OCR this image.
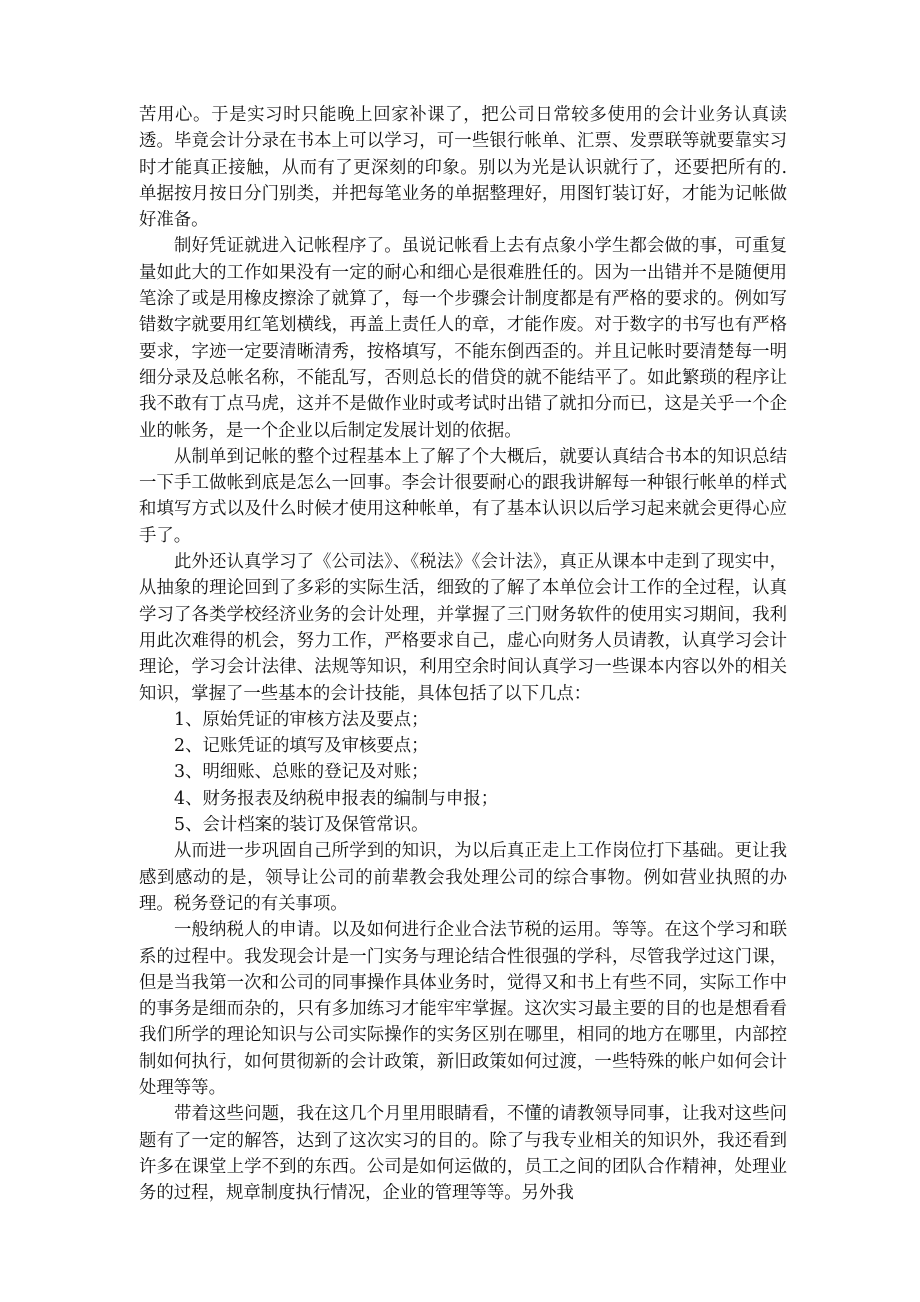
苦用心。于是实习时只能晚上回家补课了，把公司日常较多使用的会计业务认真读透。毕竟会计分录在书本上可以学习，可一些银行帐单、汇票、发票联等就要靠实习时才能真正接触，从而有了更深刻的印象。别以为光是认识就行了，还要把所有的.单据按月按日分门别类，并把每笔业务的单据整理好，用图钉装订好，才能为记帐做好准备。

制好凭证就进入记帐程序了。虽说记帐看上去有点象小学生都会做的事，可重复量如此大的工作如果没有一定的耐心和细心是很难胜任的。因为一出错并不是随便用笔涂了或是用橡皮擦涂了就算了，每一个步骤会计制度都是有严格的要求的。例如写错数字就要用红笔划横线，再盖上责任人的章，才能作废。对于数字的书写也有严格要求，字迹一定要清晰清秀，按格填写，不能东倒西歪的。并且记帐时要清楚每一明细分录及总帐名称，不能乱写，否则总长的借贷的就不能结平了。如此繁琐的程序让我不敢有丁点马虎，这并不是做作业时或考试时出错了就扣分而已，这是关乎一个企业的帐务，是一个企业以后制定发展计划的依据。

从制单到记帐的整个过程基本上了解了个大概后，就要认真结合书本的知识总结一下手工做帐到底是怎么一回事。李会计很要耐心的跟我讲解每一种银行帐单的样式和填写方式以及什么时候才使用这种帐单，有了基本认识以后学习起来就会更得心应手了。

此外还认真学习了《公司法》、《税法》《会计法》，真正从课本中走到了现实中，从抽象的理论回到了多彩的实际生活，细致的了解了本单位会计工作的全过程，认真学习了各类学校经济业务的会计处理，并掌握了三门财务软件的使用实习期间，我利用此次难得的机会，努力工作，严格要求自己，虚心向财务人员请教，认真学习会计理论，学习会计法律、法规等知识，利用空余时间认真学习一些课本内容以外的相关知识，掌握了一些基本的会计技能，具体包括了以下几点：

1、原始凭证的审核方法及要点；

2、记账凭证的填写及审核要点；

3、明细账、总账的登记及对账；

4、财务报表及纳税申报表的编制与申报；

5、会计档案的装订及保管常识。

从而进一步巩固自己所学到的知识，为以后真正走上工作岗位打下基础。更让我感到感动的是，领导让公司的前辈教会我处理公司的综合事物。例如营业执照的办理。税务登记的有关事项。

一般纳税人的申请。以及如何进行企业合法节税的运用。等等。在这个学习和联系的过程中。我发现会计是一门实务与理论结合性很强的学科，尽管我学过这门课，但是当我第一次和公司的同事操作具体业务时，觉得又和书上有些不同，实际工作中的事务是细而杂的，只有多加练习才能牢牢掌握。这次实习最主要的目的也是想看看我们所学的理论知识与公司实际操作的实务区别在哪里，相同的地方在哪里，内部控制如何执行，如何贯彻新的会计政策，新旧政策如何过渡，一些特殊的帐户如何会计处理等等。

带着这些问题，我在这几个月里用眼睛看，不懂的请教领导同事，让我对这些问题有了一定的解答，达到了这次实习的目的。除了与我专业相关的知识外，我还看到许多在课堂上学不到的东西。公司是如何运做的，员工之间的团队合作精神，处理业务的过程，规章制度执行情况，企业的管理等等。另外我
